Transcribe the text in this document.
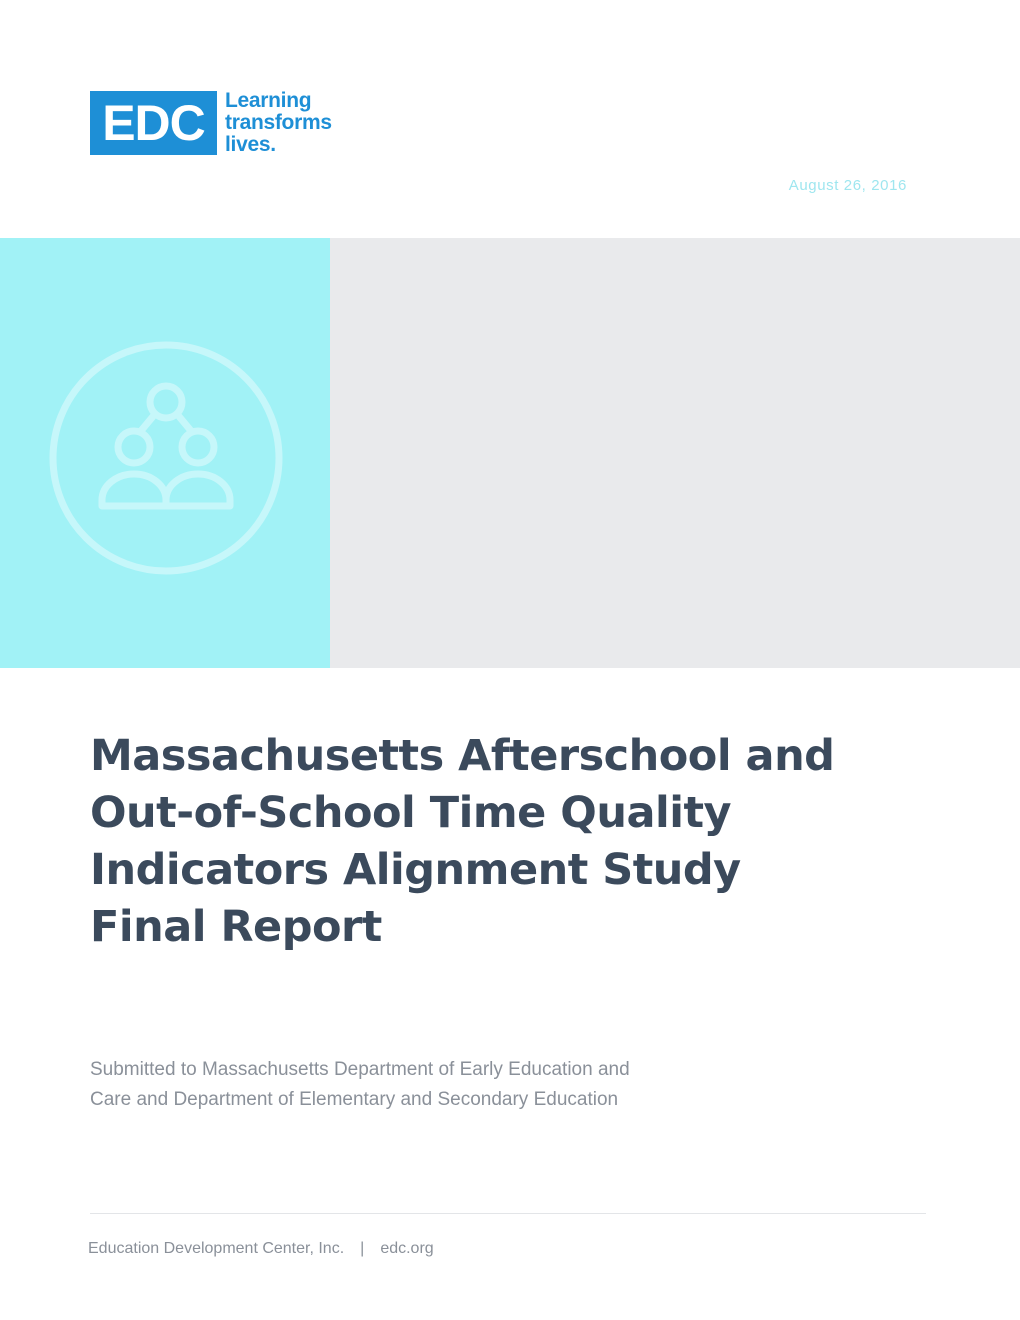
EDC Learning
transforms
lives.
August 26, 2016
Massachusetts Afterschool and
Out-of-School Time Quality
Indicators Alignment Study
Final Report
Submitted to Massachusetts Department of Early Education and
Care and Department of Elementary and Secondary Education
Education Development Center, Inc. | edc.org
